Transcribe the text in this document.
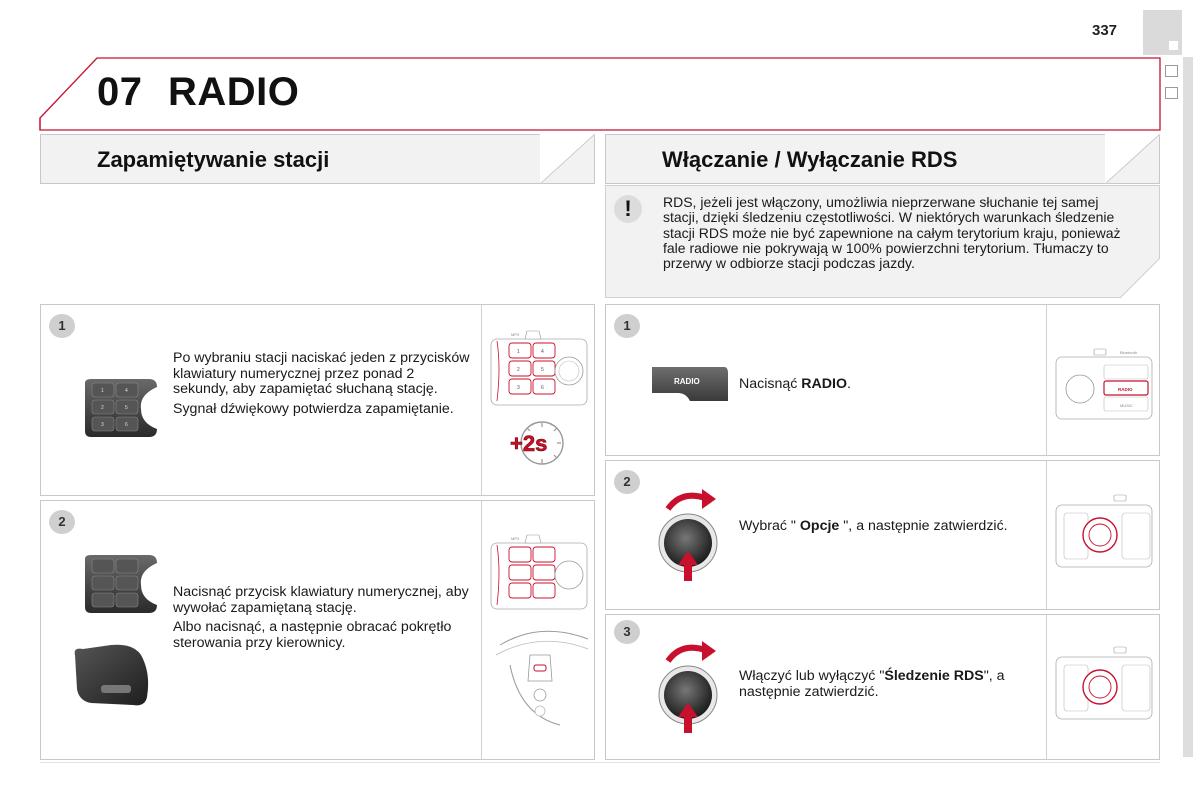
07 RADIO
337
Zapamiętywanie stacji	Włączanie / Wyłączanie RDS
!	RDS, jeżeli jest włączony, umożliwia nieprzerwane słuchanie tej samej stacji, dzięki śledzeniu częstotliwości. W niektórych warunkach śledzenie stacji RDS może nie być zapewnione na całym terytorium kraju, ponieważ fale radiowe nie pokrywają w 100% powierzchni terytorium. Tłumaczy to przerwy w odbiorze stacji podczas jazdy.
1
1	4
2	5
3	6

Po wybraniu stacji naciskać jeden z przycisków klawiatury numerycznej przez ponad 2 sekundy, aby zapamiętać słuchaną stację.

Sygnał dźwiękowy potwierdza zapamiętanie.

MP3
1	4
2	5
3	6
+2s
2

Nacisnąć przycisk klawiatury numerycznej, aby wywołać zapamiętaną stację.

Albo nacisnąć, a następnie obracać pokrętło sterowania przy kierownicy.

MP3
1
RADIO	Nacisnąć RADIO.
Bluetooth
RADIO
MUSIC
2
Wybrać " Opcje ", a następnie zatwierdzić.
3
Włączyć lub wyłączyć "Śledzenie RDS", a następnie zatwierdzić.
